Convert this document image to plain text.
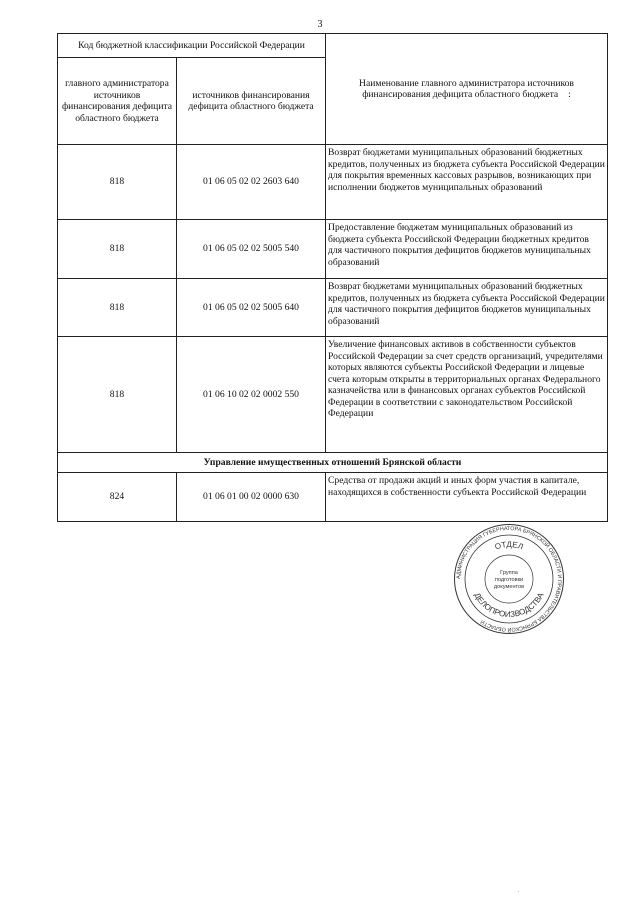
3
Код бюджетной классификации Российской Федерации		Наименование главного администратора источников финансирования дефицита областного бюджета :
главного администратора источников финансирования дефицита областного бюджета	источников финансирования дефицита областного бюджета	
818	01 06 05 02 02 2603 640	Возврат бюджетами муниципальных образований бюджетных кредитов, полученных из бюджета субъекта Российской Федерации для покрытия временных кассовых разрывов, возникающих при исполнении бюджетов муниципальных образований
818	01 06 05 02 02 5005 540	Предоставление бюджетам муниципальных образований из бюджета субъекта Российской Федерации бюджетных кредитов для частичного покрытия дефицитов бюджетов муниципальных образований
818	01 06 05 02 02 5005 640	Возврат бюджетами муниципальных образований бюджетных кредитов, полученных из бюджета субъекта Российской Федерации для частичного покрытия дефицитов бюджетов муниципальных образований
818	01 06 10 02 02 0002 550	Увеличение финансовых активов в собственности субъектов Российской Федерации за счет средств организаций, учредителями которых являются субъекты Российской Федерации и лицевые счета которым открыты в территориальных органах Федерального казначейства или в финансовых органах субъектов Российской Федерации в соответствии с законодательством Российской Федерации
Управление имущественных отношений Брянской области		
824	01 06 01 00 02 0000 630	Средства от продажи акций и иных форм участия в капитале, находящихся в собственности субъекта Российской Федерации
АДМИНИСТРАЦИЯ ГУБЕРНАТОРА БРЯНСКОЙ ОБЛАСТИ И ПРАВИТЕЛЬСТВА БРЯНСКОЙ ОБЛАСТИ
ОТДЕЛ
ДЕЛОПРОИЗВОДСТВА
Группа
подготовки
документов
.
